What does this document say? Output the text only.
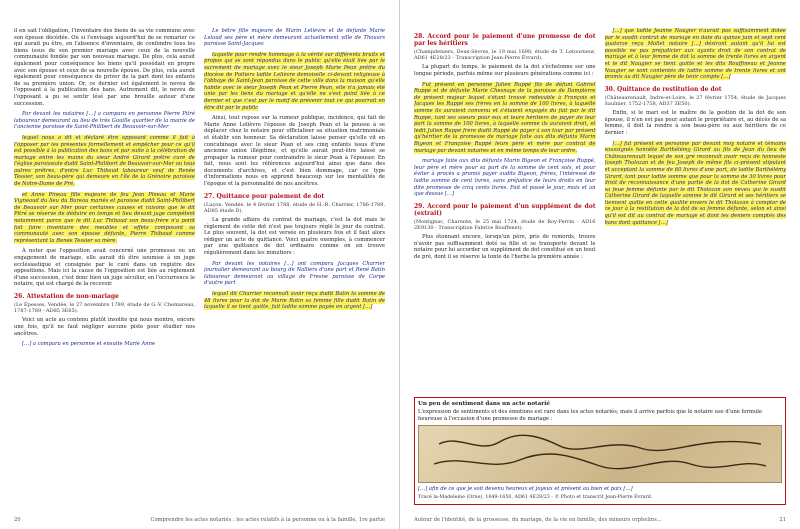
il en sait l'obligation, l'inventaire des biens de sa vie commune avec son épouse décédée. Ou si l'envisage aujourd'hui de se remarier ce qui aurait pu être, en l'absence d'inventaire, de confondre tous les biens issus de son premier mariage avec ceux de la nouvelle communauté fondée par son nouveau mariage. De plus, cela aurait également pour conséquence les biens qu'il possédait en propre avec son épouse et ceux de sa nouvelle épouse. De plus, cela aurait également pour conséquence de priver de la part dont les enfants de sa première union. Or, ce dernier est également le neveu de l'opposant à la publication des bans. Autrement dit, le neveu de l'opposant a pu se sentir lésé par une brouille autour d'une succession.

Par devant les notaires […] a comparu en personne Pierre Pitré laboureur demeurant au lieu de très Gouille quartier de la mairie de l'ancienne paroisse de Saint-Philibert de Beauvoir-sur-Mer

lequel nous a dit et déclaré être opposant comme il fait à l'opposer par les présentes formellement et empêcher pour ce qu'il est possible à la publication des bans et par suite à la célébration de mariage entre les mains du sieur André Girard prêtre curé de l'église paroissiale dudit Saint-Philibert de Beauvoir-sur-Mer ou tous autres prêtres, d'entre Luc Thibaud laboureur veuf de Renée Tessier, son beau-père qui demeure en l'île de la Grénoire paroisse de Notre-Dame de Pré.

et Anne Pineau fille majeure de feu Jean Pineau et Marie Vigneaud du lieu du Bureau mariés et paroisse dudit Saint-Philibert de Beauvoir sur Mer pour certaines causes et raisons que le dit Pitré se réserve de déduire en temps et lieu devant juge compétent notamment parce que le dit Luc Thibaud son beau-frère n'a point fait faire inventaire des meubles et effets composant sa communauté avec son épouse défunte, Pierre Thibaud comme représentant la Renée Tessier sa mère.

À noter que l'opposition avait concerné une promesse ou un engagement de mariage, elle aurait dû être soumise à un juge ecclésiastique et consignée par le curé dans un registre des oppositions. Mais ici la cause de l'opposition est liée au règlement d'une succession, c'est donc bien un juge séculier, en l'occurrence le notaire, qui est chargé de la recevoir.

26. Attestation de non-mariage
(Le Épesses, Vendée, le 27 novembre 1789, étude de G.-V. Chemareau, 1787-1789 - AD85 3E65).

Voici un acte au contenu plutôt insolite qui nous montre, encore une fois, qu'il ne faut négliger aucune piste pour étudier nos ancêtres.

[…] a comparu en personne et ensuite Marie Anne

Le bêtre fille majeure de Marin Lelièvre et de défunte Marie Lelaud ses père et mère demeurant actuellement ville de Thouars paroisse Saint-Jacques

laquelle pour rendre hommage à la vérité sur différents bruits et propos qui se sont répandus dans le public qu'elle était liée par le sacrement de mariage avec le sieur Joseph Marie Pean prêtre du diocèse de Poitiers ladite Lelièvre demoiselle ci-devant religieuse à l'abbaye de Saint-Jean paroisse de cette ville dans la maison qu'elle habite avec le sieur Joseph Pean et Pierre Pean, elle n'a jamais été unie par les liens du mariage et qu'elle ne s'est point liée à ce dernier et que c'est par le motif de prévenir tout ce qui pourrait en être dit par le public

Ainsi, tout repose sur la rumeur publique, incidence, qui fait de Marie Anne Lelièvre l'épouse de Joseph Pean et la pousse à se déplacer chez le notaire pour officialiser sa situation matrimoniale et établir son honneur. Sa déclaration laisse penser qu'elle vit en concubinage avec le sieur Pean et ses cinq enfants issus d'une ancienne union illégitime, et qu'elle aurait peut-être laissé se propager la rumeur pour contraindre le sieur Pean à l'épouser. En fait, nous sont les références aujourd'hui ainsi que dans des documents d'archives, et c'est bien dommage, car ce type d'informations nous en apprend beaucoup sur les mentalités de l'époque et la personnalité de nos ancêtres.

27. Quittance pour paiement de dot
(Luçon, Vendée, le 4 février 1788, étude de H.-R. Charrier, 1786-1789, AD85 étude D).

La grande affaire du contrat de mariage, c'est la dot mais le règlement de cette dot n'est pas toujours réglé le jour du contrat. Le plus souvent, la dot est versée en plusieurs fois et il faut alors rédiger un acte de quittance. Voici quatre exemples, à commencer par une quittance de dot ordinaire comme on en trouve régulièrement dans les minutiers :

Par devant les notaires […] ont comparu Jacques Charrier journalier demeurant au bourg de Nalliers d'une part et René Batin laboureur demeurant au village de Fresne paroisse de Corpe d'autre part

lequel dit Charrier reconnaît avoir reçu dudit Batin la somme de 48 livres pour la dot de Marie Batin sa femme fille dudit Batin de laquelle il se tient quitte, fait ladite somme payée en argent […]

20	Comprendre les actes notariés : les actes relatifs à la personne ou à la famille, 1re partie
28. Accord pour le paiement d'une promesse de dot par les héritiers
(Champdeniers, Deux-Sèvres, le 19 mai 1698, étude de T. Letourneur, AD61 4E28/23 - Transcription Jean-Pierre Évrard).

La plupart du temps, le paiement de la dot s'échelonne sur une longue période, parfois même sur plusieurs générations comme ici :

Fut présent en personne Julien Ruppé fils de défunt Gabriel Ruppé et de défunte Marie Chesnaye de la paroisse de Damplerre de présent majeur lequel s'étant trouvé redevable à François et Jacques les Ruppé ses frères en la somme de 100 livres, à laquelle somme ils auraient convenu et s'étaient engagés du fait par le dit Ruppé, tant ses soeurs pour eux et leurs héritiers de payer de leur part la somme de 100 livres, à laquelle somme ils auraient droit, et ledit Julien Ruppé frère dudit Ruppé de payer à son tour par présent qu'héritier de la promesse de mariage faite aux dits défunts Marin Bigeon et Françoise Ruppé leurs père et mère par contrat de mariage par devant notaires et en même temps de leur ordre.

mariage faite aux dits défunts Marin Bigeon et Françoise Ruppé, leur père et mère pour sa part de la somme de cent sols, et pour éviter à procès a promis payer audits Bigeon, frères, l'intéressé de ladite somme de cent livres, sans préjudice de leurs droits en leur dite promesse de cinq cents livres. Fait et passé le jour, mois et an que dessus […]

29. Accord pour le paiement d'un supplément de dot (extrait)
(Montignac, Charente, le 25 mai 1724, étude de Roy-Perrin - AD16 2E9130 - Transcription Fabrice Bouffenet).

Plus étonnant encore, lorsqu'un père, pris de remords, trouve n'avoir pas suffisamment doté sa fille et se transporte devant le notaire pour lui accorder un supplément de dot constitué en un bout de pré, dont il se réserve la tonte de l'herbe la première année :

[…] que ladite Jeanne Naugier n'aurait pas suffisamment dotée par le susdit contrat de mariage en date du quinze juin et sept cent quatorze reçu Mallet notaire […] désirant autant qu'il lui est possible ne pas préjudicier aux ayants droit de son contrat de mariage et à leur femme de dot la somme de trente livres en argent et le dit Naugier se tient quitte et les dits Rouffineau et Jeanne Naugier se sont contentés de ladite somme de trente livres et ont promis au dit Naugier père de tenir compte […]

30. Quittance de restitution de dot
(Châteaurenault, Indre-et-Loire, le 27 février 1754, étude de Jacques Saulnier, 1752-1758, AD37 3E50).

Enfin, si le mari est le maître de la gestion de la dot de son épouse, il n'en est pas pour autant le propriétaire et, au décès de sa femme, il doit la rendre à son beau-père ou aux héritiers de ce dernier :

[…] fut présent en personne par devant moy notaire et témoins soussignés honnête Barthélémy Girard au fils de Jean du lieu de Châteaurenault lequel de son gré reconnaît avoir reçu de honneste Joseph Tholozan et de feu Joseph de même fils ci-présent stipulant et acceptant la somme de 60 livres d'une part, de ladite Barthélémy Girard, tant pour ladite somme que pour la somme de 30 livres pour droit de reconnaissance d'une partie de la dot de Catherine Girard sa feue femme défunte par le dit Tholozan son neveu qui le susdit Catherine Girard de laquelle somme le dit Girard et ses héritiers se tiennent quitte en cette qualité envers le dit Tholozan à compter de ce jour à la restitution de la dot de sa femme défunte, selon et ainsi qu'il est dit au contrat de mariage et dont les deniers comptés des bans dont quittance […]

Un peu de sentiment dans un acte notarié

L'expression de sentiments et des émotions est rare dans les actes notariés, mais il arrive parfois que le notaire use d'une formule heureuse à l'occasion d'une promesse de mariage :

[…] afin de ce que je soit devenu heureux et joyeux et présent au bien et paix […]

Tracé la-Madeleine (Orne), 1649-1650, AD61 4E28/23 - © Photo et transcrit Jean-Pierre Évrard.
Autour de l'identité, de la grossesse, du mariage, de la vie en famille, des mineurs orphelins...	21
